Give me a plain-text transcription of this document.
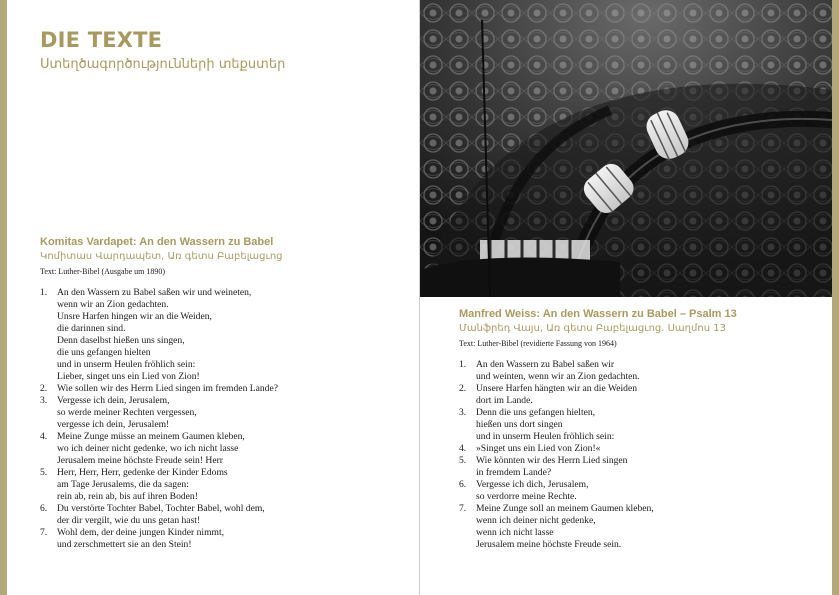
DIE TEXTE

Ստեղծագործությունների տեքստեր

Komitas Vardapet: An den Wassern zu Babel

Կոմիտաս Վարդապետ, Առ գետս Բաբելացւոց

Text: Luther-Bibel (Ausgabe um 1890)

1.	An den Wassern zu Babel saßen wir und weineten,
wenn wir an Zion gedachten.
Unsre Harfen hingen wir an die Weiden,
die darinnen sind.
Denn daselbst hießen uns singen,
die uns gefangen hielten
und in unserm Heulen fröhlich sein:
Lieber, singet uns ein Lied von Zion!
2.	Wie sollen wir des Herrn Lied singen im fremden Lande?
3.	Vergesse ich dein, Jerusalem,
so werde meiner Rechten vergessen,
vergesse ich dein, Jerusalem!
4.	Meine Zunge müsse an meinem Gaumen kleben,
wo ich deiner nicht gedenke, wo ich nicht lasse
Jerusalem meine höchste Freude sein! Herr
5.	Herr, Herr, Herr, gedenke der Kinder Edoms
am Tage Jerusalems, die da sagen:
rein ab, rein ab, bis auf ihren Boden!
6.	Du verstörte Tochter Babel, Tochter Babel, wohl dem,
der dir vergilt, wie du uns getan hast!
7.	Wohl dem, der deine jungen Kinder nimmt,
und zerschmettert sie an den Stein!
Manfred Weiss: An den Wassern zu Babel – Psalm 13

Մանֆրեդ Վայս, Առ գետս Բաբելացւոց. Սաղմոս 13

Text: Luther-Bibel (revidierte Fassung von 1964)

1.	An den Wassern zu Babel saßen wir
und weinten, wenn wir an Zion gedachten.
2.	Unsere Harfen hängten wir an die Weiden
dort im Lande.
3.	Denn die uns gefangen hielten,
hießen uns dort singen
und in unserm Heulen fröhlich sein:
4.	»Singet uns ein Lied von Zion!«
5.	Wie könnten wir des Herrn Lied singen
in fremdem Lande?
6.	Vergesse ich dich, Jerusalem,
so verdorre meine Rechte.
7.	Meine Zunge soll an meinem Gaumen kleben,
wenn ich deiner nicht gedenke,
wenn ich nicht lasse
Jerusalem meine höchste Freude sein.
